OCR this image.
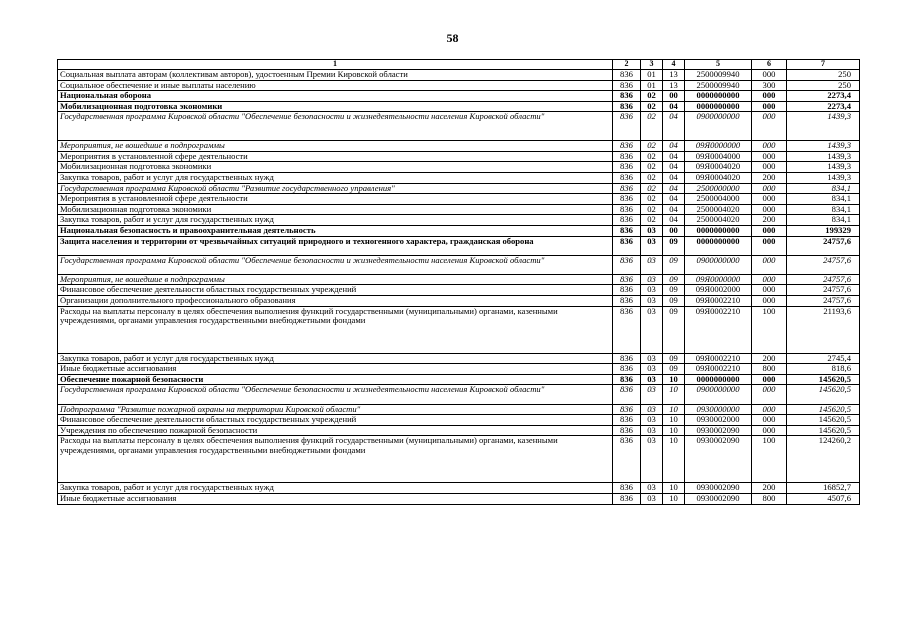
58
1	2	3	4	5	6	7
Социальная выплата авторам (коллективам авторов), удостоенным Премии Кировской области	836	01	13	2500009940	000	250
Социальное обеспечение и иные выплаты населению	836	01	13	2500009940	300	250
Национальная оборона	836	02	00	0000000000	000	2273,4
Мобилизационная подготовка экономики	836	02	04	0000000000	000	2273,4
Государственная программа Кировской области "Обеспечение безопасности и жизнедеятельности населения Кировской области"	836	02	04	0900000000	000	1439,3
Мероприятия, не вошедшие в подпрограммы	836	02	04	09Я0000000	000	1439,3
Мероприятия в установленной сфере деятельности	836	02	04	09Я0004000	000	1439,3
Мобилизационная подготовка экономики	836	02	04	09Я0004020	000	1439,3
Закупка товаров, работ и услуг для государственных нужд	836	02	04	09Я0004020	200	1439,3
Государственная программа Кировской области "Развитие государственного управления"	836	02	04	2500000000	000	834,1
Мероприятия в установленной сфере деятельности	836	02	04	2500004000	000	834,1
Мобилизационная подготовка экономики	836	02	04	2500004020	000	834,1
Закупка товаров, работ и услуг для государственных нужд	836	02	04	2500004020	200	834,1
Национальная безопасность и правоохранительная деятельность	836	03	00	0000000000	000	199329
Защита населения и территории от чрезвычайных ситуаций природного и техногенного характера, гражданская оборона	836	03	09	0000000000	000	24757,6
Государственная программа Кировской области "Обеспечение безопасности и жизнедеятельности населения Кировской области"	836	03	09	0900000000	000	24757,6
Мероприятия, не вошедшие в подпрограммы	836	03	09	09Я0000000	000	24757,6
Финансовое обеспечение деятельности областных государственных учреждений	836	03	09	09Я0002000	000	24757,6
Организации дополнительного профессионального образования	836	03	09	09Я0002210	000	24757,6
Расходы на выплаты персоналу в целях обеспечения выполнения функций государственными (муниципальными) органами, казенными учреждениями, органами управления государственными внебюджетными фондами	836	03	09	09Я0002210	100	21193,6
Закупка товаров, работ и услуг для государственных нужд	836	03	09	09Я0002210	200	2745,4
Иные бюджетные ассигнования	836	03	09	09Я0002210	800	818,6
Обеспечение пожарной безопасности	836	03	10	0000000000	000	145620,5
Государственная программа Кировской области "Обеспечение безопасности и жизнедеятельности населения Кировской области"	836	03	10	0900000000	000	145620,5
Подпрограмма "Развитие пожарной охраны на территории Кировской области"	836	03	10	0930000000	000	145620,5
Финансовое обеспечение деятельности областных государственных учреждений	836	03	10	0930002000	000	145620,5
Учреждения по обеспечению пожарной безопасности	836	03	10	0930002090	000	145620,5
Расходы на выплаты персоналу в целях обеспечения выполнения функций государственными (муниципальными) органами, казенными учреждениями, органами управления государственными внебюджетными фондами	836	03	10	0930002090	100	124260,2
Закупка товаров, работ и услуг для государственных нужд	836	03	10	0930002090	200	16852,7
Иные бюджетные ассигнования	836	03	10	0930002090	800	4507,6
